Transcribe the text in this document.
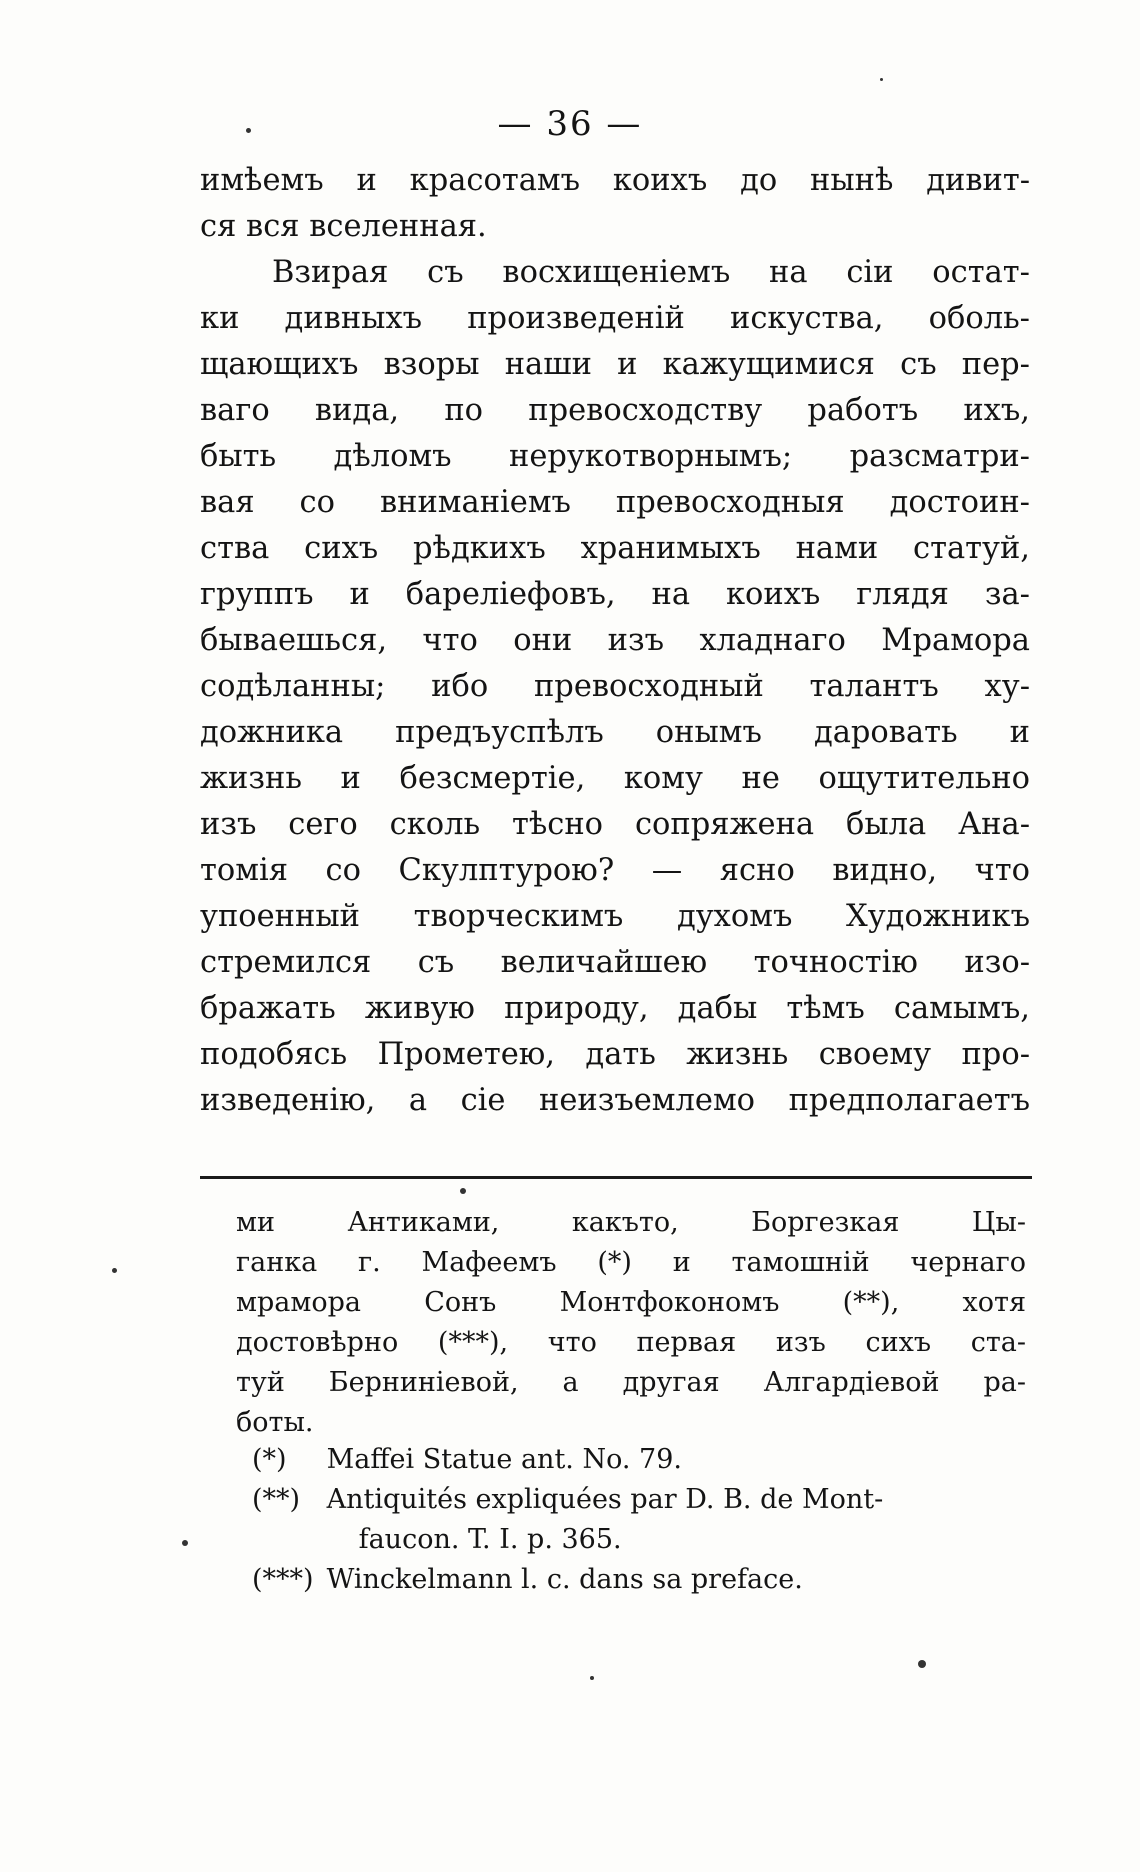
— 36 —
имѣемъ и красотамъ коихъ до нынѣ дивит-
ся вся вселенная.
Взирая съ восхищеніемъ на сіи остат-
ки дивныхъ произведеній искуства, оболь-
щающихъ взоры наши и кажущимися съ пер-
ваго вида, по превосходству работъ ихъ,
быть дѣломъ нерукотворнымъ; разсматри-
вая со вниманіемъ превосходныя достоин-
ства сихъ рѣдкихъ хранимыхъ нами статуй,
группъ и барелiефовъ, на коихъ глядя за-
бываешься, что они изъ хладнаго Мрамора
содѣланны; ибо превосходный талантъ ху-
дожника предъуспѣлъ онымъ даровать и
жизнь и безсмертіе, кому не ощутительно
изъ сего сколь тѣсно сопряжена была Ана-
томія со Скулптурою? — ясно видно, что
упоенный творческимъ духомъ Художникъ
стремился съ величайшею точностію изо-
бражать живую природу, дабы тѣмъ самымъ,
подобясь Прометею, дать жизнь своему про-
изведенію, а сіе неизъемлемо предполагаетъ
ми Антиками, какъто, Боргезкая Цы-
ганка г. Мафеемъ (*) и тамошній чернаго
мрамора Сонъ Монтфокономъ (**), хотя
достовѣрно (***), что первая изъ сихъ ста-
туй Берниніевой, а другая Алгардіевой ра-
боты.
(*) Maffei Statue ant. No. 79.
(**) Antiquités expliquées par D. B. de Mont-
faucon. T. I. p. 365.
(***) Winckelmann l. c. dans sa preface.
